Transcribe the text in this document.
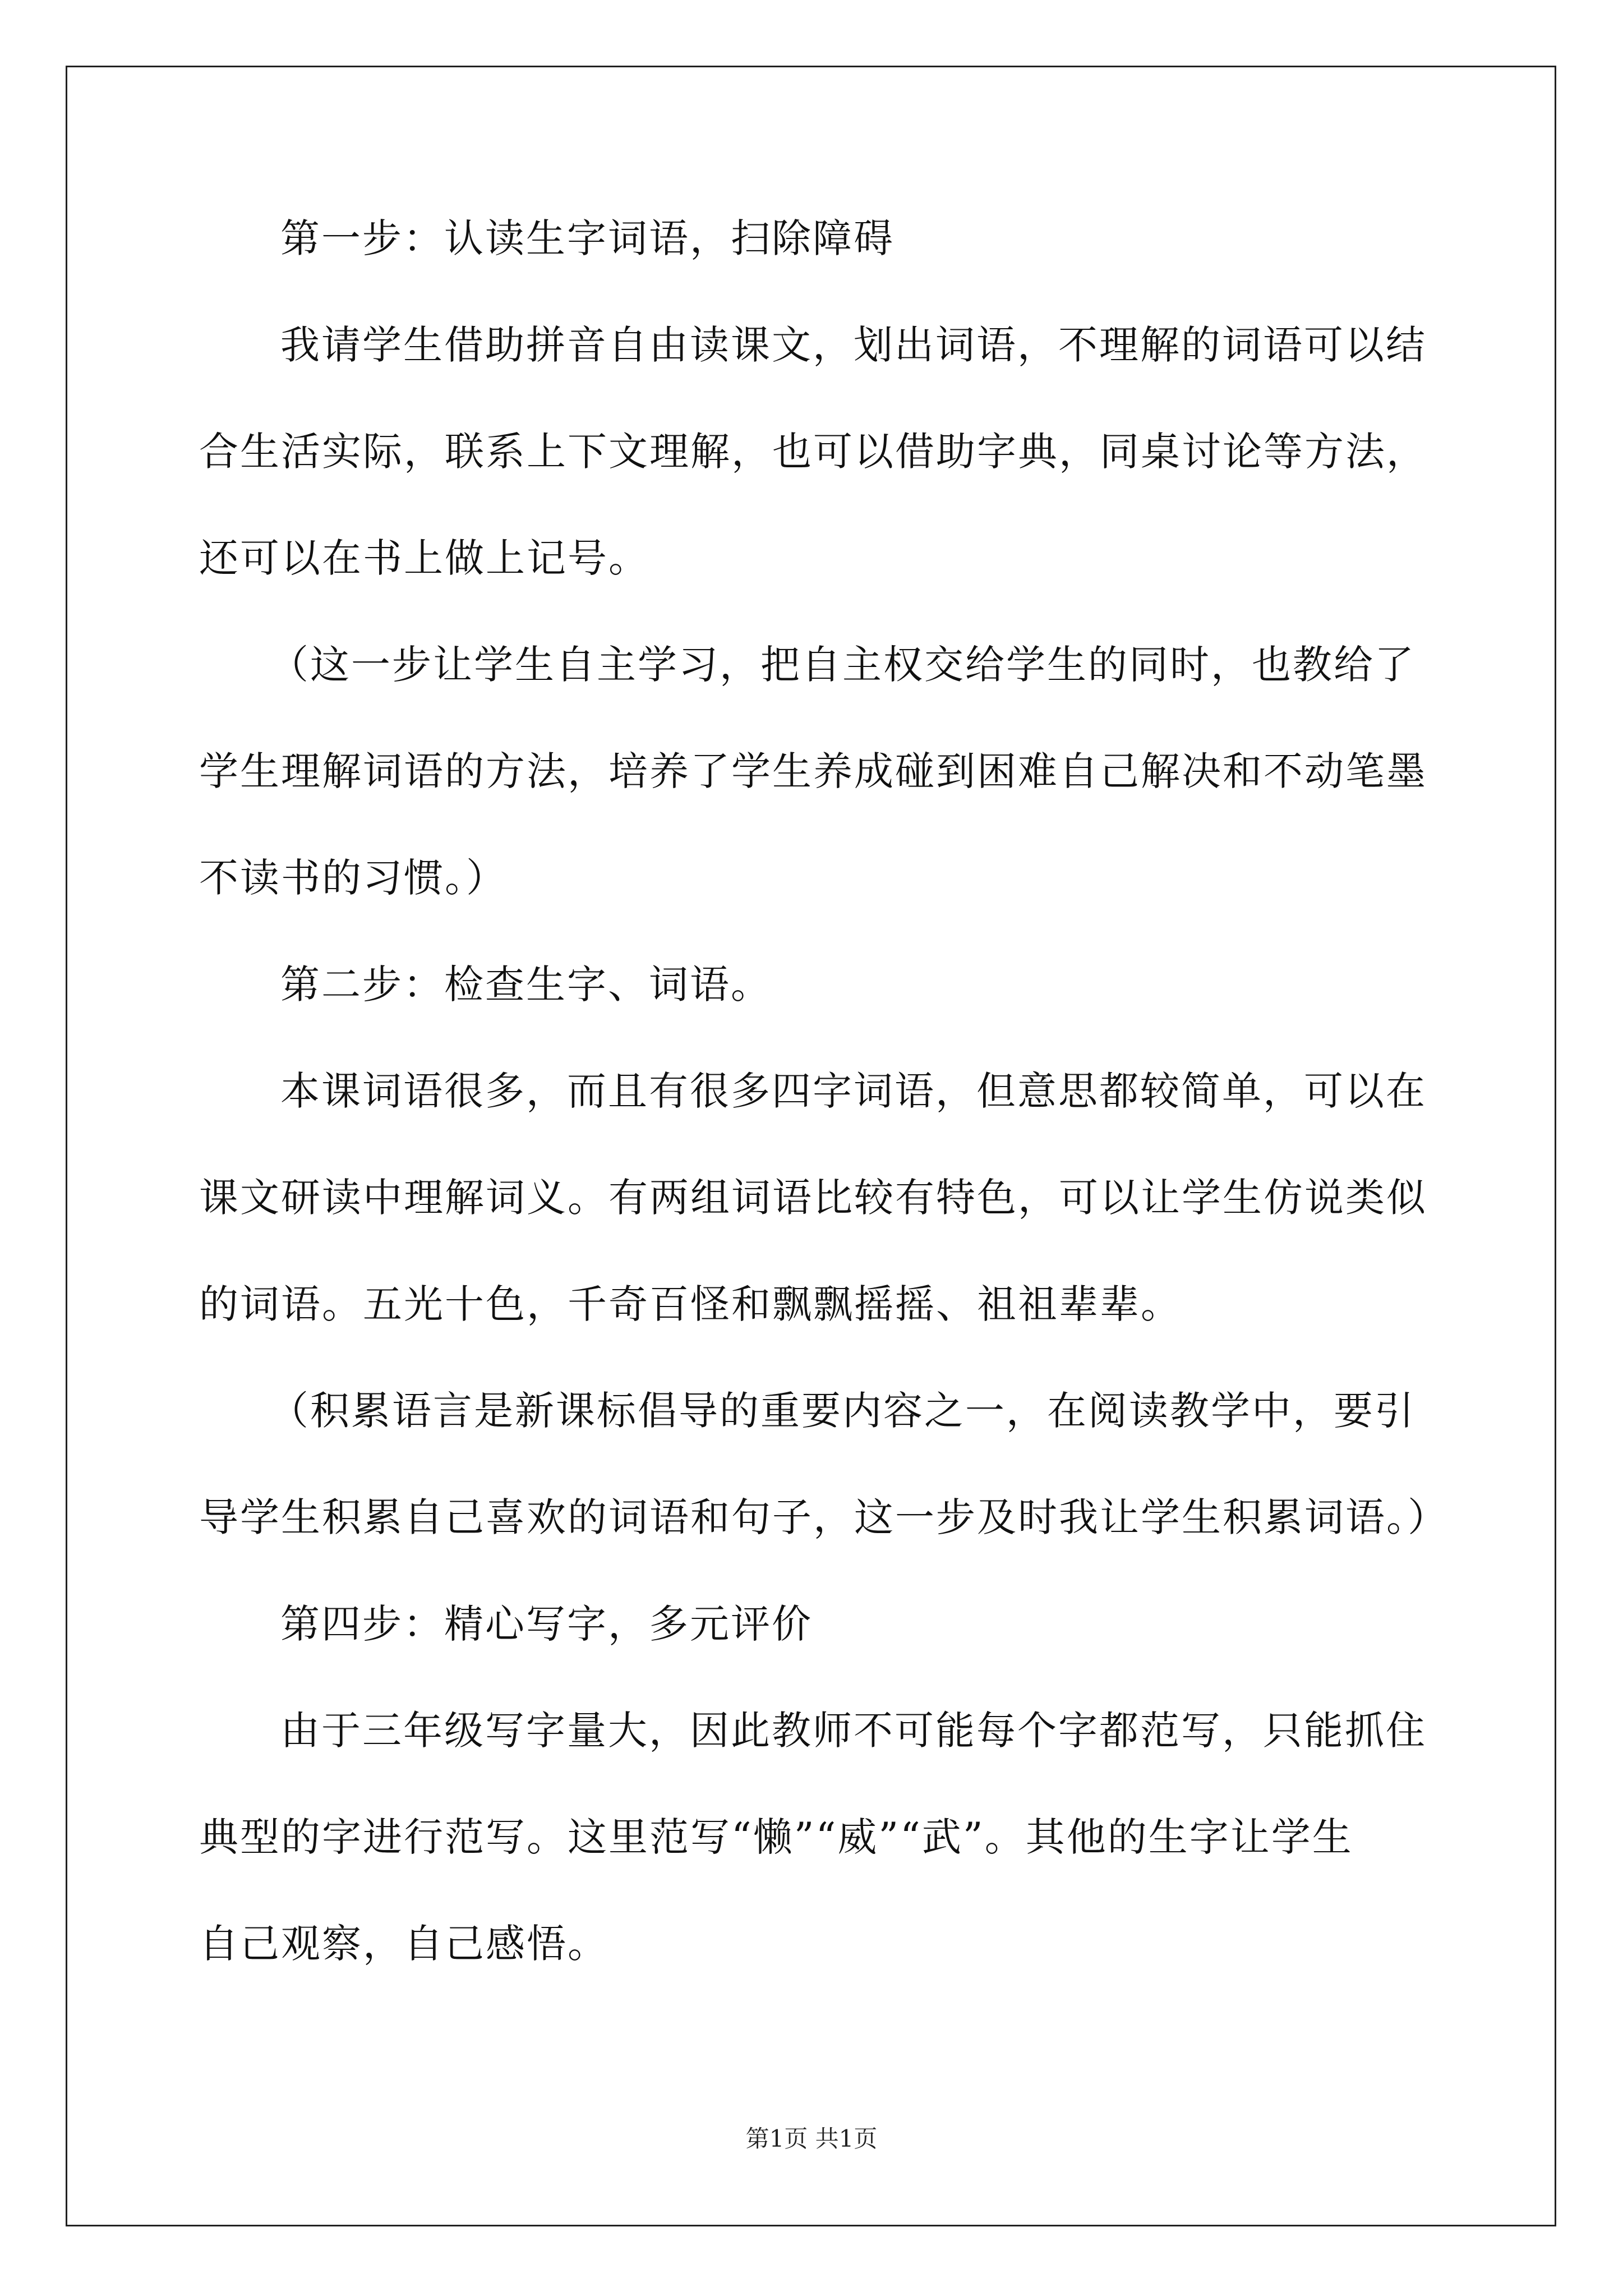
第一步：认读生字词语，扫除障碍
我请学生借助拼音自由读课文，划出词语，不理解的词语可以结
合生活实际，联系上下文理解，也可以借助字典，同桌讨论等方法，
还可以在书上做上记号。
（这一步让学生自主学习，把自主权交给学生的同时，也教给了
学生理解词语的方法，培养了学生养成碰到困难自己解决和不动笔墨
不读书的习惯。）
第二步：检查生字、词语。
本课词语很多，而且有很多四字词语，但意思都较简单，可以在
课文研读中理解词义。有两组词语比较有特色，可以让学生仿说类似
的词语。五光十色，千奇百怪和飘飘摇摇、祖祖辈辈。
（积累语言是新课标倡导的重要内容之一，在阅读教学中，要引
导学生积累自己喜欢的词语和句子，这一步及时我让学生积累词语。）
第四步：精心写字，多元评价
由于三年级写字量大，因此教师不可能每个字都范写，只能抓住
典型的字进行范写。这里范写“懒”“威”“武”。其他的生字让学生
自己观察，自己感悟。
第1页 共1页
